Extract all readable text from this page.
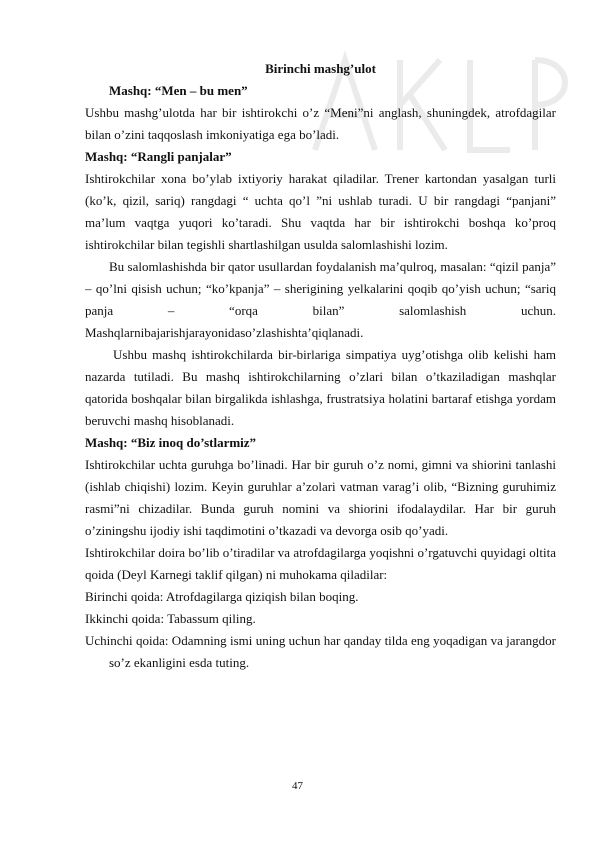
Birinchi mashg’ulot

Mashq: “Men – bu men”

Ushbu mashg’ulotda har bir ishtirokchi o’z “Meni”ni anglash, shuningdek, atrofdagilar bilan o’zini taqqoslash imkoniyatiga ega bo’ladi.

Mashq: “Rangli panjalar”

Ishtirokchilar xona bo’ylab ixtiyoriy harakat qiladilar. Trener kartondan yasalgan turli (ko’k, qizil, sariq) rangdagi “ uchta qo’l ”ni ushlab turadi. U bir rangdagi “panjani” ma’lum vaqtga yuqori ko’taradi. Shu vaqtda har bir ishtirokchi boshqa ko’proq ishtirokchilar bilan tegishli shartlashilgan usulda salomlashishi lozim.

Bu salomlashishda bir qator usullardan foydalanish ma’qulroq, masalan: “qizil panja” – qo’lni qisish uchun; “ko’kpanja” – sherigining yelkalarini qoqib qo’yish uchun; “sariq panja – “orqa bilan” salomlashish uchun. Mashqlarnibajarishjarayonidaso’zlashishta’qiqlanadi.

Ushbu mashq ishtirokchilarda bir-birlariga simpatiya uyg’otishga olib kelishi ham nazarda tutiladi. Bu mashq ishtirokchilarning o’zlari bilan o’tkaziladigan mashqlar qatorida boshqalar bilan birgalikda ishlashga, frustratsiya holatini bartaraf etishga yordam beruvchi mashq hisoblanadi.

Mashq: “Biz inoq do’stlarmiz”

Ishtirokchilar uchta guruhga bo’linadi. Har bir guruh o’z nomi, gimni va shiorini tanlashi (ishlab chiqishi) lozim. Keyin guruhlar a’zolari vatman varag’i olib, “Bizning guruhimiz rasmi”ni chizadilar. Bunda guruh nomini va shiorini ifodalaydilar. Har bir guruh o’ziningshu ijodiy ishi taqdimotini o’tkazadi va devorga osib qo’yadi.

Ishtirokchilar doira bo’lib o’tiradilar va atrofdagilarga yoqishni o’rgatuvchi quyidagi oltita qoida (Deyl Karnegi taklif qilgan) ni muhokama qiladilar:

Birinchi qoida: Atrofdagilarga qiziqish bilan boqing.

Ikkinchi qoida: Tabassum qiling.

Uchinchi qoida: Odamning ismi uning uchun har qanday tilda eng yoqadigan va jarangdor so’z ekanligini esda tuting.

47
